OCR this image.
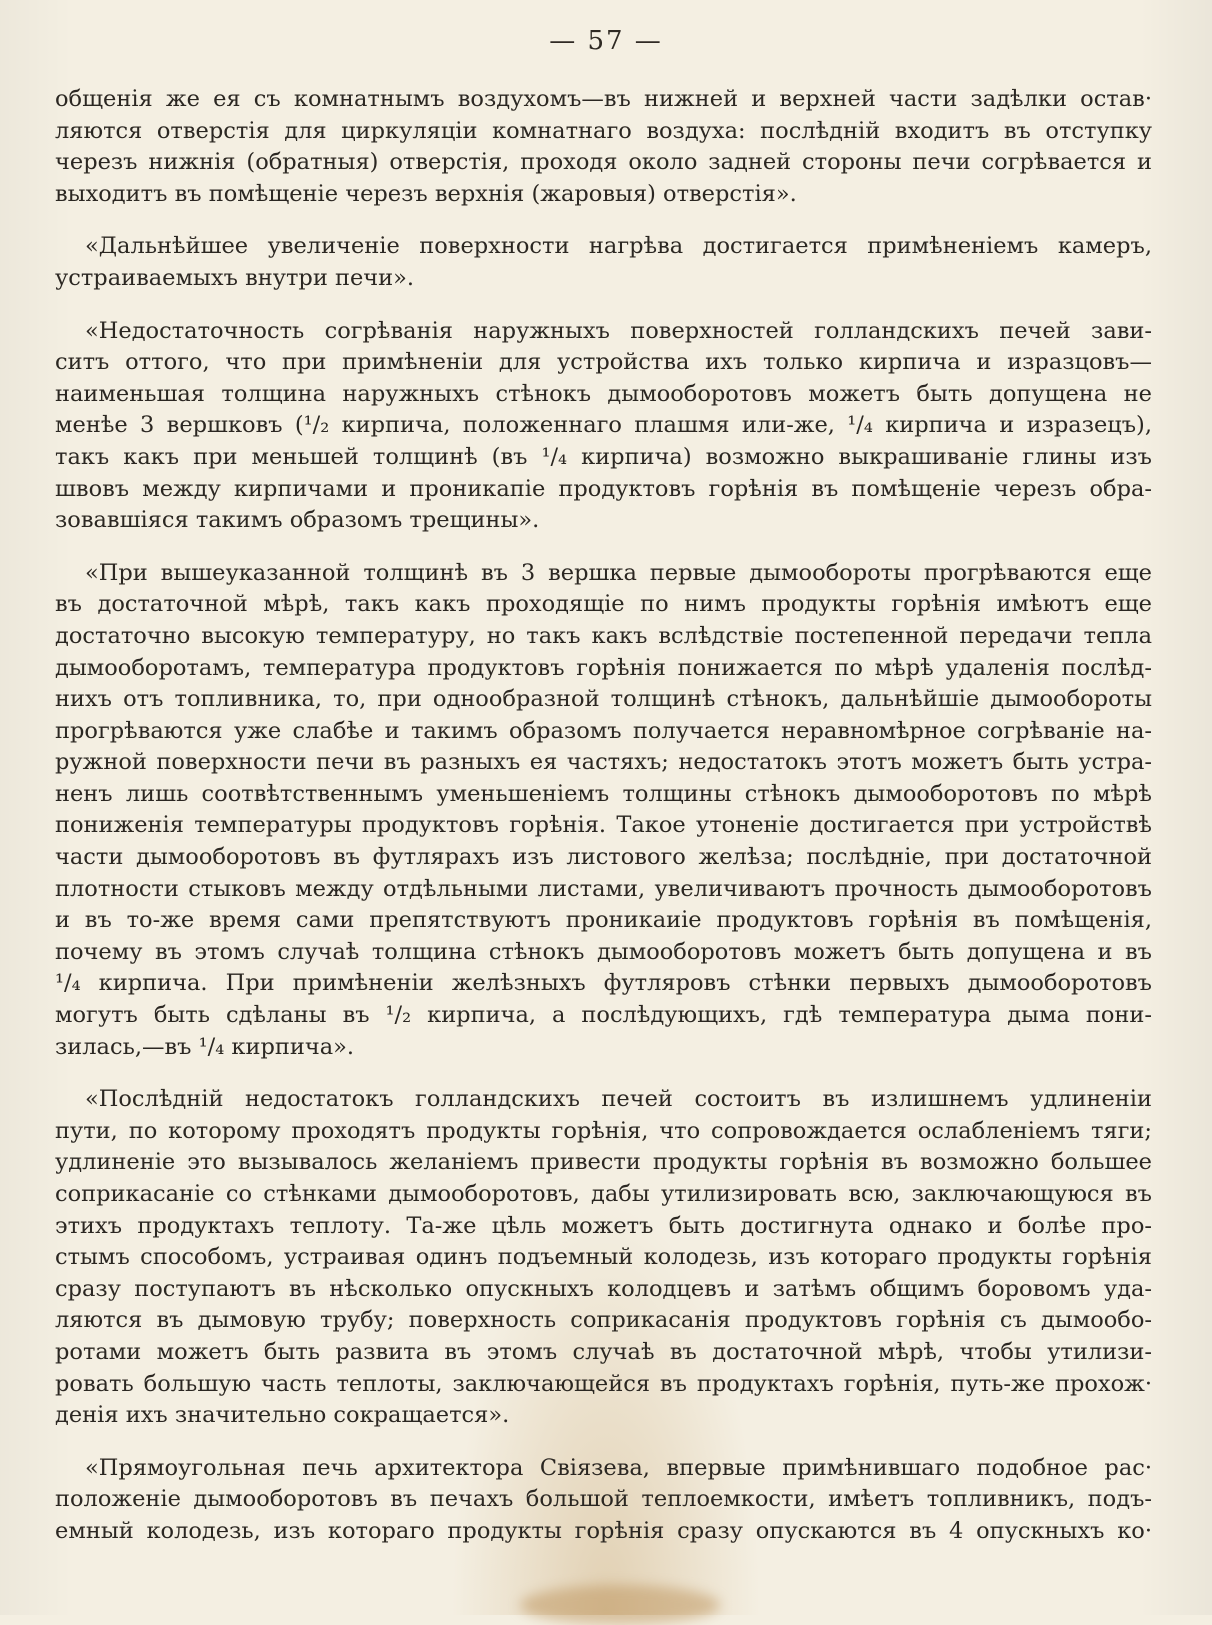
— 57 —

общенія же ея съ комнатнымъ воздухомъ—въ нижней и верхней части задѣлки остав·
ляются отверстія для циркуляціи комнатнаго воздуха: послѣдній входитъ въ отступку
черезъ нижнія (обратныя) отверстія, проходя около задней стороны печи согрѣвается и
выходитъ въ помѣщеніе черезъ верхнія (жаровыя) отверстія».

«Дальнѣйшее увеличеніе поверхности нагрѣва достигается примѣненіемъ камеръ,
устраиваемыхъ внутри печи».

«Недостаточность согрѣванія наружныхъ поверхностей голландскихъ печей зави-
ситъ оттого, что при примѣненіи для устройства ихъ только кирпича и изразцовъ—
наименьшая толщина наружныхъ стѣнокъ дымооборотовъ можетъ быть допущена не
менѣе 3 вершковъ (¹/₂ кирпича, положеннаго плашмя или-же, ¹/₄ кирпича и изразецъ),
такъ какъ при меньшей толщинѣ (въ ¹/₄ кирпича) возможно выкрашиваніе глины изъ
швовъ между кирпичами и проникапіе продуктовъ горѣнія въ помѣщеніе черезъ обра-
зовавшіяся такимъ образомъ трещины».

«При вышеуказанной толщинѣ въ 3 вершка первые дымообороты прогрѣваются еще
въ достаточной мѣрѣ, такъ какъ проходящіе по нимъ продукты горѣнія имѣютъ еще
достаточно высокую температуру, но такъ какъ вслѣдствіе постепенной передачи тепла
дымооборотамъ, температура продуктовъ горѣнія понижается по мѣрѣ удаленія послѣд-
нихъ отъ топливника, то, при однообразной толщинѣ стѣнокъ, дальнѣйшіе дымообороты
прогрѣваются уже слабѣе и такимъ образомъ получается неравномѣрное согрѣваніе на-
ружной поверхности печи въ разныхъ ея частяхъ; недостатокъ этотъ можетъ быть устра-
ненъ лишь соотвѣтственнымъ уменьшеніемъ толщины стѣнокъ дымооборотовъ по мѣрѣ
пониженія температуры продуктовъ горѣнія. Такое утоненіе достигается при устройствѣ
части дымооборотовъ въ футлярахъ изъ листового желѣза; послѣдніе, при достаточной
плотности стыковъ между отдѣльными листами, увеличиваютъ прочность дымооборотовъ
и въ то-же время сами препятствуютъ проникаиіе продуктовъ горѣнія въ помѣщенія,
почему въ этомъ случаѣ толщина стѣнокъ дымооборотовъ можетъ быть допущена и въ
¹/₄ кирпича. При примѣненіи желѣзныхъ футляровъ стѣнки первыхъ дымооборотовъ
могутъ быть сдѣланы въ ¹/₂ кирпича, а послѣдующихъ, гдѣ температура дыма пони-
зилась,—въ ¹/₄ кирпича».

«Послѣдній недостатокъ голландскихъ печей состоитъ въ излишнемъ удлиненіи
пути, по которому проходятъ продукты горѣнія, что сопровождается ослабленіемъ тяги;
удлиненіе это вызывалось желаніемъ привести продукты горѣнія въ возможно большее
соприкасаніе со стѣнками дымооборотовъ, дабы утилизировать всю, заключающуюся въ
этихъ продуктахъ теплоту. Та-же цѣль можетъ быть достигнута однако и болѣе про-
стымъ способомъ, устраивая одинъ подъемный колодезь, изъ котораго продукты горѣнія
сразу поступаютъ въ нѣсколько опускныхъ колодцевъ и затѣмъ общимъ боровомъ уда-
ляются въ дымовую трубу; поверхность соприкасанія продуктовъ горѣнія съ дымообо-
ротами можетъ быть развита въ этомъ случаѣ въ достаточной мѣрѣ, чтобы утилизи-
ровать большую часть теплоты, заключающейся въ продуктахъ горѣнія, путь-же прохож·
денія ихъ значительно сокращается».

«Прямоугольная печь архитектора Свіязева, впервые примѣнившаго подобное рас·
положеніе дымооборотовъ въ печахъ большой теплоемкости, имѣетъ топливникъ, подъ-
емный колодезь, изъ котораго продукты горѣнія сразу опускаются въ 4 опускныхъ ко·
